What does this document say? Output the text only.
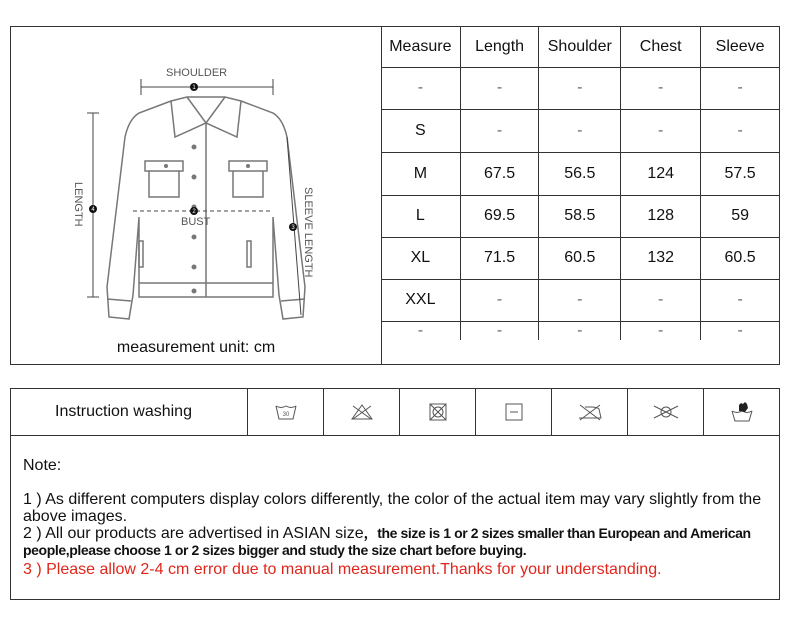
1
2
3
4
SHOULDER
BUST
LENGTH	SLEEVE LENGTH
measurement unit: cm
Measure	Length	Shoulder	Chest	Sleeve
-	-	-	-	-
S	-	-	-	-
M	67.5	56.5	124	57.5
L	69.5	58.5	128	59
XL	71.5	60.5	132	60.5
XXL	-	-	-	-
-	-	-	-	-
Instruction washing	30

Note:

1 ) As different computers display colors differently, the color of the actual item may vary slightly from the above images.

2 ) All our products are advertised in ASIAN size，the size is 1 or 2 sizes smaller than European and American people,please choose 1 or 2 sizes bigger and study the size chart before buying.

3 ) Please allow 2-4 cm error due to manual measurement.Thanks for your understanding.
